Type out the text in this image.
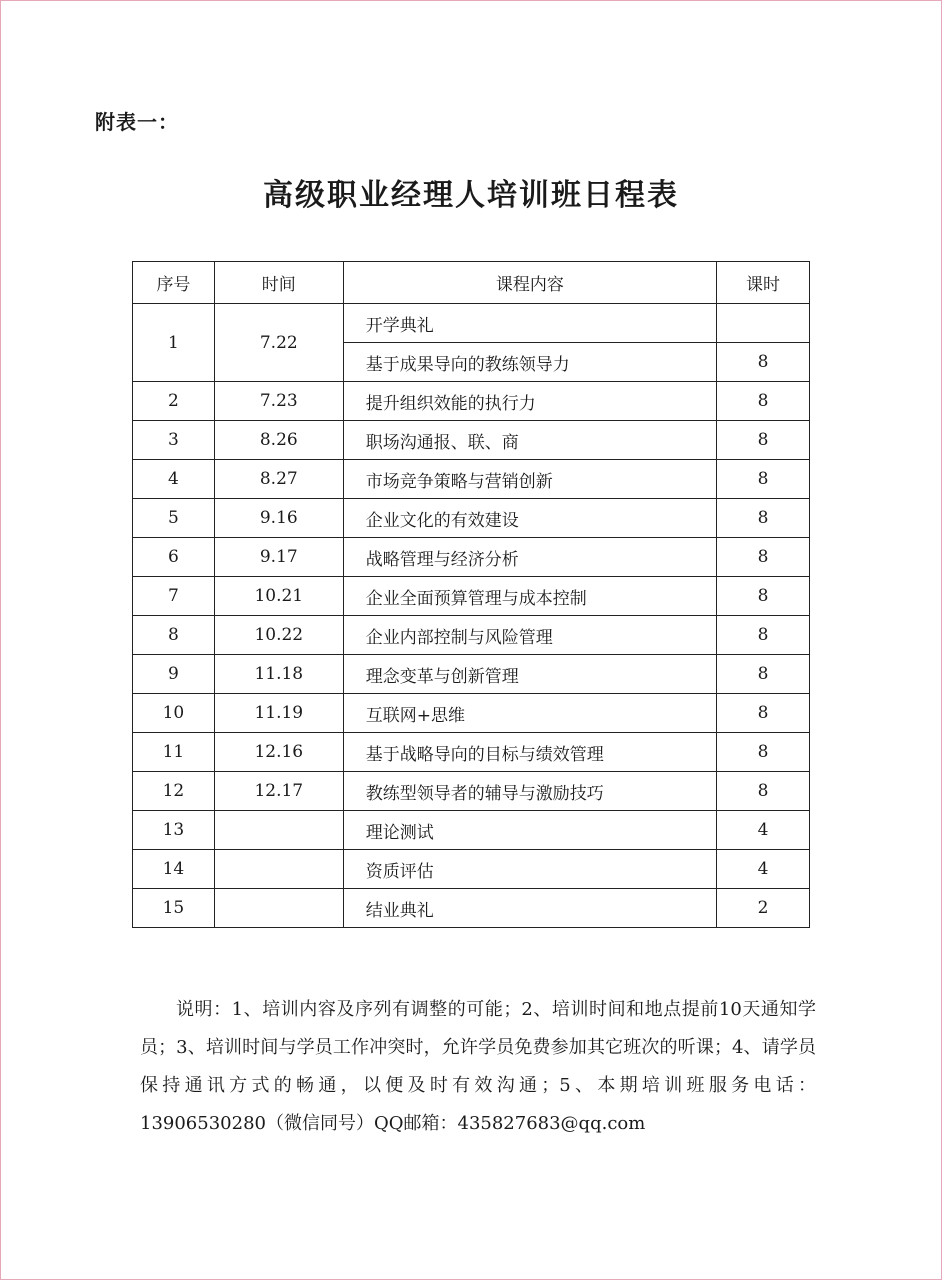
附表一：
高级职业经理人培训班日程表
序号	时间	课程内容	课时
1	7.22	开学典礼	
		基于成果导向的教练领导力	8
2	7.23	提升组织效能的执行力	8
3	8.26	职场沟通报、联、商	8
4	8.27	市场竞争策略与营销创新	8
5	9.16	企业文化的有效建设	8
6	9.17	战略管理与经济分析	8
7	10.21	企业全面预算管理与成本控制	8
8	10.22	企业内部控制与风险管理	8
9	11.18	理念变革与创新管理	8
10	11.19	互联网+思维	8
11	12.16	基于战略导向的目标与绩效管理	8
12	12.17	教练型领导者的辅导与激励技巧	8
13		理论测试	4
14		资质评估	4
15		结业典礼	2
说明：1、培训内容及序列有调整的可能；2、培训时间和地点提前10天通知学员；3、培训时间与学员工作冲突时，允许学员免费参加其它班次的听课；4、请学员保持通讯方式的畅通，以便及时有效沟通；5、本期培训班服务电话：13906530280（微信同号）QQ邮箱：435827683@qq.com
